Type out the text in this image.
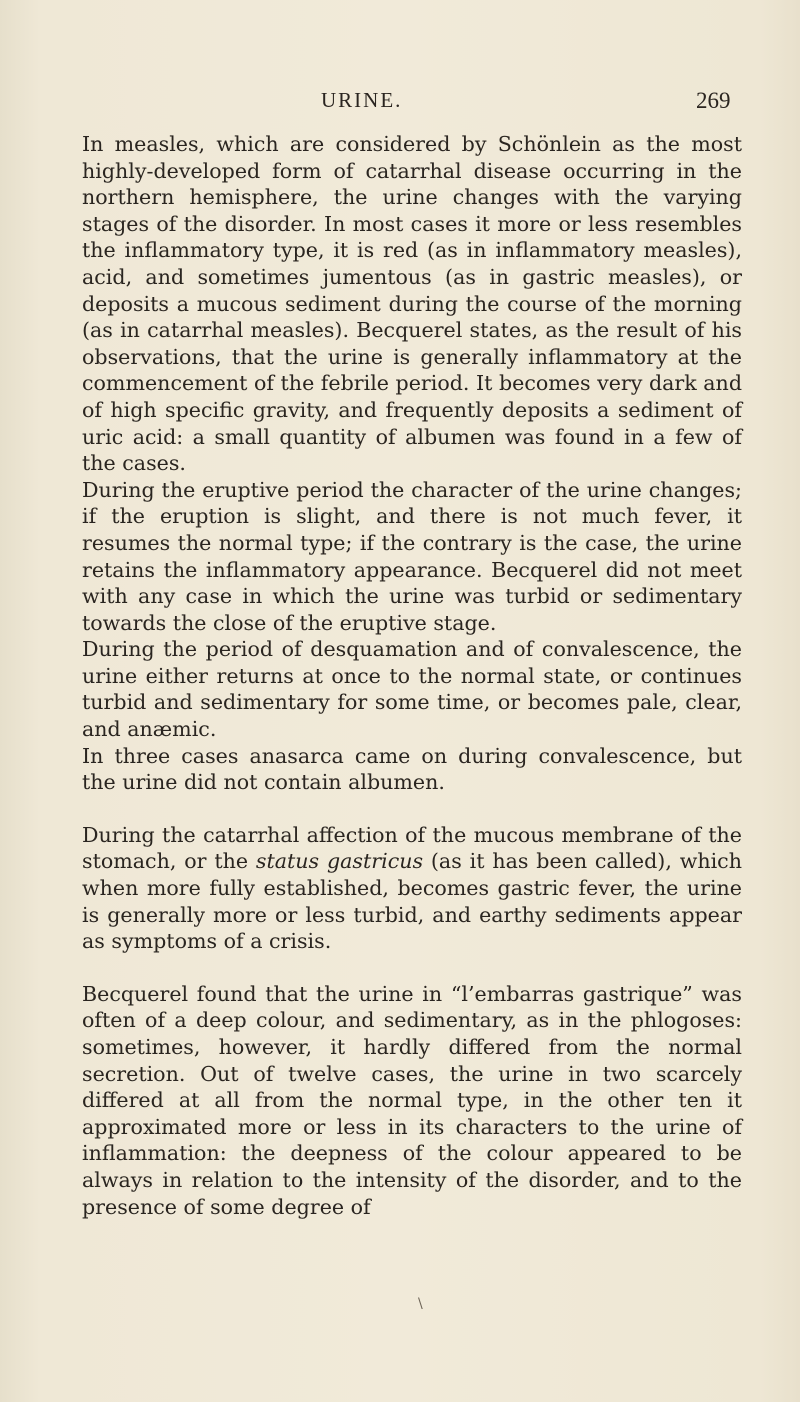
URINE.	269

In measles, which are considered by Schönlein as the most highly-developed form of catarrhal disease occurring in the northern hemisphere, the urine changes with the varying stages of the disorder. In most cases it more or less resembles the inflammatory type, it is red (as in inflammatory measles), acid, and sometimes jumentous (as in gastric measles), or deposits a mucous sediment during the course of the morning (as in catarrhal measles). Becquerel states, as the result of his observations, that the urine is generally inflammatory at the commencement of the febrile period. It becomes very dark and of high specific gravity, and frequently deposits a sediment of uric acid: a small quantity of albumen was found in a few of the cases.

During the eruptive period the character of the urine changes; if the eruption is slight, and there is not much fever, it resumes the normal type; if the contrary is the case, the urine retains the inflammatory appearance. Becquerel did not meet with any case in which the urine was turbid or sedimentary towards the close of the eruptive stage.

During the period of desquamation and of convalescence, the urine either returns at once to the normal state, or continues turbid and sedimentary for some time, or becomes pale, clear, and anæmic.

In three cases anasarca came on during convalescence, but the urine did not contain albumen.

During the catarrhal affection of the mucous membrane of the stomach, or the status gastricus (as it has been called), which when more fully established, becomes gastric fever, the urine is generally more or less turbid, and earthy sediments appear as symptoms of a crisis.

Becquerel found that the urine in “l’embarras gastrique” was often of a deep colour, and sedimentary, as in the phlogoses: sometimes, however, it hardly differed from the normal secretion. Out of twelve cases, the urine in two scarcely differed at all from the normal type, in the other ten it approximated more or less in its characters to the urine of inflammation: the deepness of the colour appeared to be always in relation to the intensity of the disorder, and to the presence of some degree of

\
